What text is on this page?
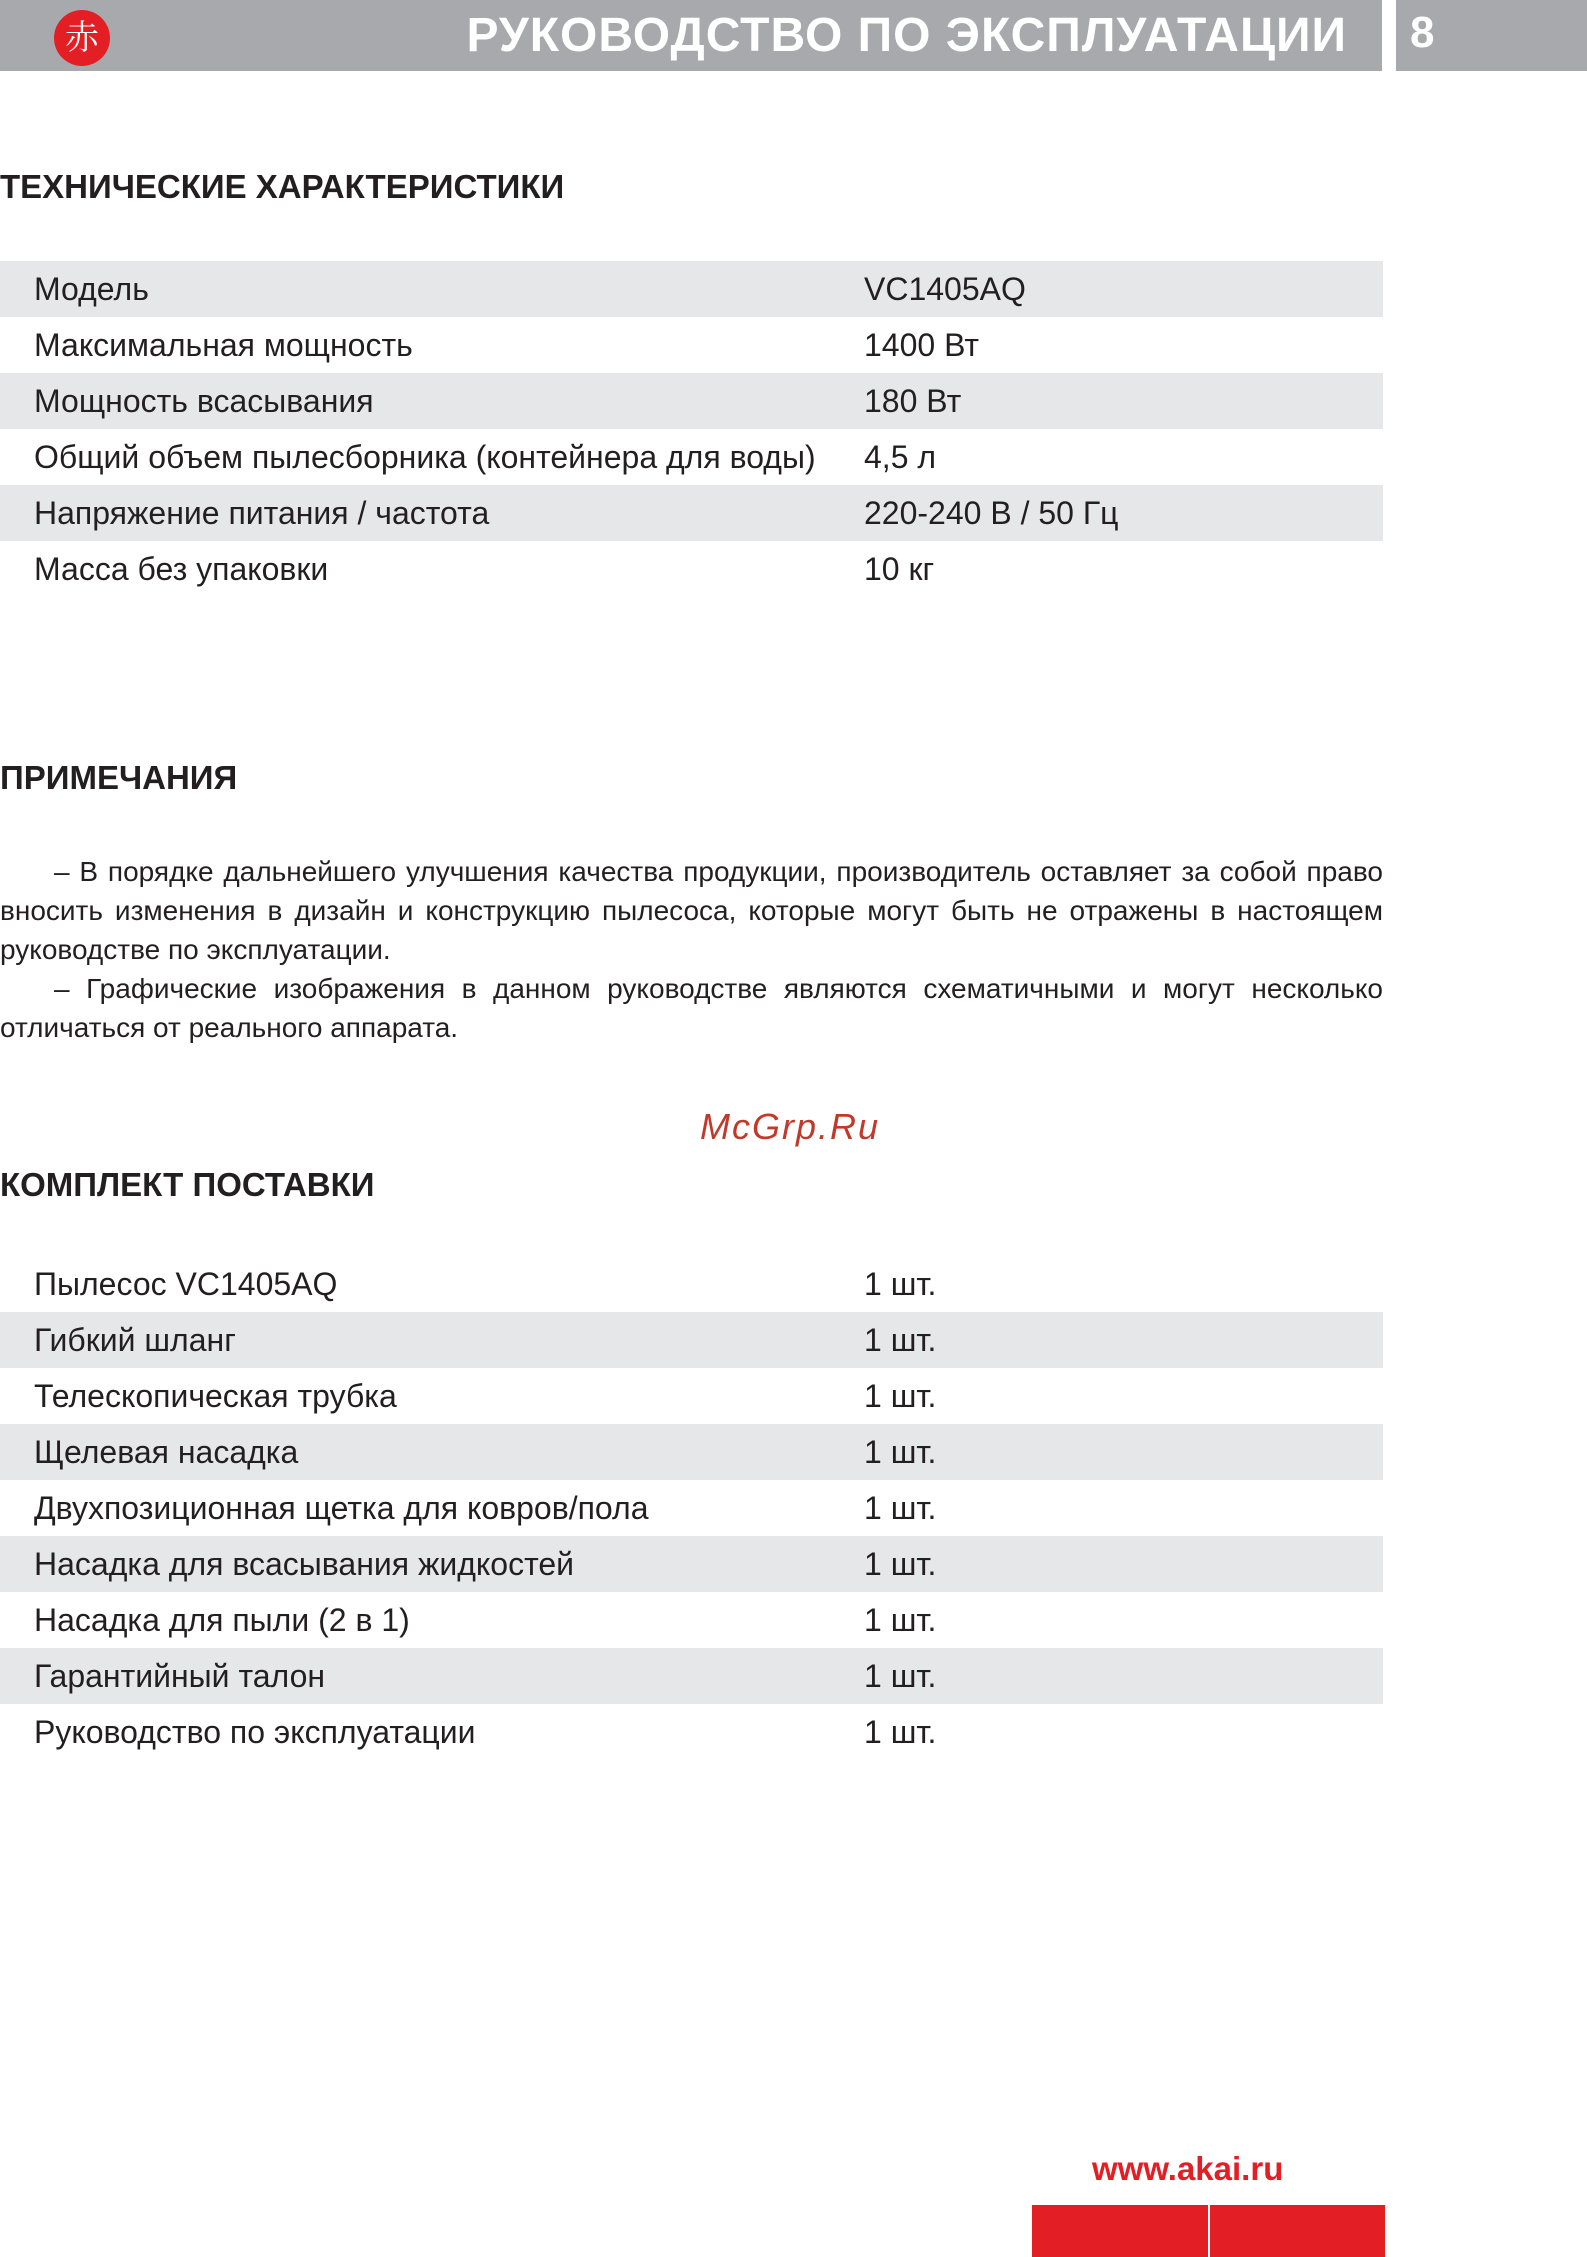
赤	РУКОВОДСТВО ПО ЭКСПЛУАТАЦИИ	8
ТЕХНИЧЕСКИЕ ХАРАКТЕРИСТИКИ
Модель	VC1405AQ
Максимальная мощность	1400 Вт
Мощность всасывания	180 Вт
Общий объем пылесборника (контейнера для воды) 4,5 л
Напряжение питания / частота	220-240 В / 50 Гц
Масса без упаковки	10 кг
ПРИМЕЧАНИЯ

– В порядке дальнейшего улучшения качества продукции, производитель оставляет за собой право вносить изменения в дизайн и конструкцию пылесоса, которые могут быть не отражены в настоящем руководстве по эксплуатации.

– Графические изображения в данном руководстве являются схематичными и могут несколько отличаться от реального аппарата.

McGrp.Ru
КОМПЛЕКТ ПОСТАВКИ
Пылесос VC1405AQ	1 шт.
Гибкий шланг	1 шт.
Телескопическая трубка	1 шт.
Щелевая насадка	1 шт.
Двухпозиционная щетка для ковров/пола	1 шт.
Насадка для всасывания жидкостей	1 шт.
Насадка для пыли (2 в 1)	1 шт.
Гарантийный талон	1 шт.
Руководство по эксплуатации	1 шт.
www.akai.ru
